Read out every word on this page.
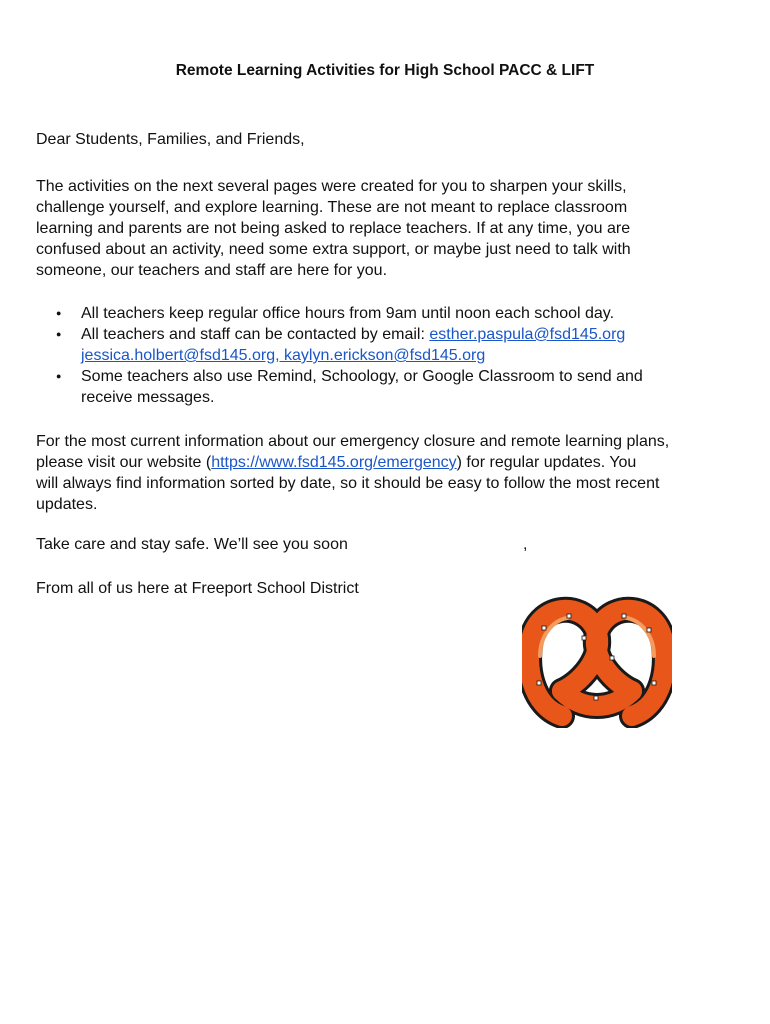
Remote Learning Activities for High School PACC & LIFT
Dear Students, Families, and Friends,
The activities on the next several pages were created for you to sharpen your skills,
challenge yourself, and explore learning. These are not meant to replace classroom
learning and parents are not being asked to replace teachers. If at any time, you are
confused about an activity, need some extra support, or maybe just need to talk with
someone, our teachers and staff are here for you.
● All teachers keep regular office hours from 9am until noon each school day.
● All teachers and staff can be contacted by email: esther.paspula@fsd145.org
jessica.holbert@fsd145.org, kaylyn.erickson@fsd145.org
● Some teachers also use Remind, Schoology, or Google Classroom to send and
receive messages.
For the most current information about our emergency closure and remote learning plans,
please visit our website (https://www.fsd145.org/emergency) for regular updates. You
will always find information sorted by date, so it should be easy to follow the most recent
updates.
Take care and stay safe. We’ll see you soon	,
From all of us here at Freeport School District
